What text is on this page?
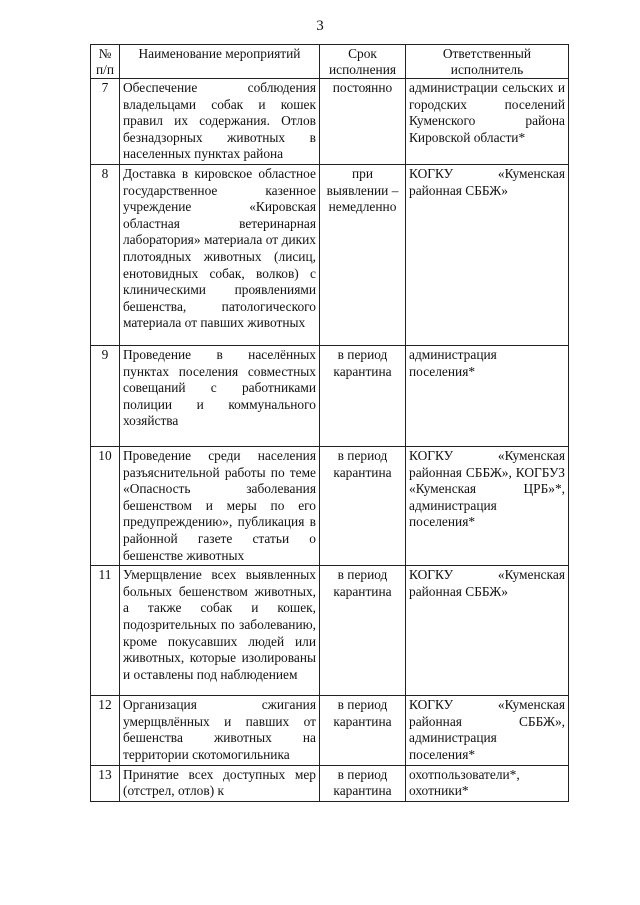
3
№ п/п	Наименование мероприятий	Срок исполнения	Ответственный исполнитель
7	Обеспечение соблюдения владельцами собак и кошек правил их содержания. Отлов безнадзорных животных в населенных пунктах района	постоянно	администрации сельских и городских поселений Куменского района Кировской области*
8	Доставка в кировское областное государственное казенное учреждение «Кировская областная ветеринарная лаборатория» материала от диких плотоядных животных (лисиц, енотовидных собак, волков) с клиническими проявлениями бешенства, патологического материала от павших животных	при выявлении – немедленно	КОГКУ «Куменская районная СББЖ»
9	Проведение в населённых пунктах поселения совместных совещаний с работниками полиции и коммунального хозяйства	в период карантина	администрация поселения*
10	Проведение среди населения разъяснительной работы по теме «Опасность заболевания бешенством и меры по его предупреждению», публикация в районной газете статьи о бешенстве животных	в период карантина	КОГКУ «Куменская районная СББЖ», КОГБУЗ «Куменская ЦРБ»*, администрация поселения*
11	Умерщвление всех выявленных больных бешенством животных, а также собак и кошек, подозрительных по заболеванию, кроме покусавших людей или животных, которые изолированы и оставлены под наблюдением	в период карантина	КОГКУ «Куменская районная СББЖ»
12	Организация сжигания умерщвлённых и павших от бешенства животных на территории скотомогильника	в период карантина	КОГКУ «Куменская районная СББЖ», администрация поселения*
13	Принятие всех доступных мер (отстрел, отлов) к	в период карантина	охотпользователи*, охотники*
